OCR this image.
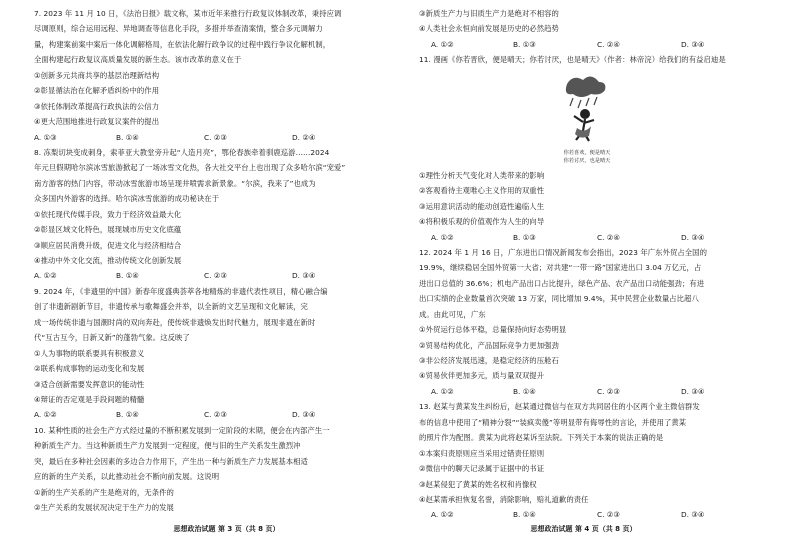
7. 2023 年 11 月 10 日，《法治日报》载文称，某市近年来推行行政复议体制改革，秉持应调
尽调原则，综合运用远程、异地调查等信息化手段，多措并举查清案情，整合多元调解力
量，构建案前案中案后一体化调解格局，在依法化解行政争议的过程中践行争议化解机制，
全面构建起行政复议高质量发展的新生态。该市改革的意义在于
①创新多元共商共享的基层治理新结构
②彰显循法治在化解矛盾纠纷中的作用
③依托体制改革提高行政执法的公信力
④更大范围地推进行政复议案件的提出
A. ①③	B. ①④	C. ②③	D. ②④
8. 冻梨切块变成刺身，索菲亚大教堂旁升起“人造月亮”，鄂伦春族牵着驯鹿巡游……2024
年元旦假期哈尔滨冰雪旅游掀起了一场冰雪文化热，各大社交平台上也出现了众多哈尔滨“宠爱”
南方游客的热门内容，带动冰雪旅游市场呈现井喷需求新景象。“尔滨，我来了”也成为
众多国内外游客的选择。哈尔滨冰雪旅游的成功秘诀在于
①依托现代传媒手段，致力于经济效益最大化
②彰显区域文化特色，展现城市历史文化底蕴
③顺应居民消费升级，促进文化与经济相结合
④推动中外文化交流，推动传统文化创新发展
A. ①②	B. ①④	C. ②③	D. ③④
9. 2024 年，《非遗里的中国》新春年度盛典荟萃各地精炼的非遗代表性项目，精心融合编
创了非遗新剧新节目，非遗传承与歌舞盛会并举，以全新的文艺呈现和文化解读，完
成一场传统非遗与国潮时尚的双向奔赴，使传统非遗焕发出时代魅力，展现非遗在新时
代“互古互今，日新又新”的蓬勃气象。这反映了
①人为事物的联系要具有积极意义
②联系构成事物的运动变化和发展
③适合创新需要发挥意识的能动性
④辩证的否定观是手段间题的精髓
A. ①②	B. ①④	C. ②③	D. ③④
10. 某种性质的社会生产方式经过量的不断积累发展到一定阶段的末期，便会在内部产生一
种新质生产力。当这种新质生产力发展到一定程度，便与旧的生产关系发生激烈冲
突，最后在多种社会因素的多边合力作用下，产生出一种与新质生产力发展基本相适
应的新的生产关系，以此推动社会不断向前发展。这说明
①新的生产关系的产生是绝对的，无条件的
②生产关系的发展状况决定于生产力的发展
思想政治试题 第 3 页（共 8 页）
③新质生产力与旧质生产力是绝对不相容的
④人类社会永恒向前发展是历史的必然趋势
A. ①②	B. ①③	C. ②④	D. ③④
11. 漫画《你若晋欣，便是晴天；你若讨厌，也是晴天》（作者：林帝浣）给我们的有益启迪是
你若喜欢，便是晴天
你若讨厌，也是晴天
①理性分析天气变化对人类带来的影响
②客观看待主观唯心主义作用的双重性
③运用意识活动的能动创造性遍临人生
④将积极乐观的价值观作为人生的向导
A. ①②	B. ①③	C. ②④	D. ③④
12. 2024 年 1 月 16 日，广东进出口情况新闻发布会指出，2023 年广东外贸占全国的
19.9%，继续稳居全国外贸第一大省；对共建“一带一路”国家进出口 3.04 万亿元，占
进出口总值的 36.6%；机电产品出口占比提升，绿色产品、农产品出口动能强劲；有进
出口实绩的企业数量首次突破 13 万家，同比增加 9.4%，其中民营企业数量占比超八
成。由此可见，广东
①外贸运行总体平稳，总量保持向好态势明显
②贸易结构优化，产品国际竞争力更加强劲
③非公经济发展迅速，是稳定经济的压舱石
④贸易伙伴更加多元，质与量双双提升
A. ①②	B. ①④	C. ②③	D. ③④
13. 赵某与黄某发生纠纷后，赵某通过微信与在双方共同居住的小区两个业主微信群发
布的信息中使用了“精神分裂”“装疯卖傻”等明显带有侮辱性的言论，并使用了黄某
的照片作为配图。黄某为此将赵某诉至法院。下列关于本案的说法正确的是
①本案归责原则应当采用过错责任原则
②微信中的聊天记录属于证据中的书证
③赵某侵犯了黄某的姓名权和肖像权
④赵某需承担恢复名誉，消除影响，赔礼道歉的责任
A. ①②	B. ①④	C. ②③	D. ③④
思想政治试题 第 4 页（共 8 页）
